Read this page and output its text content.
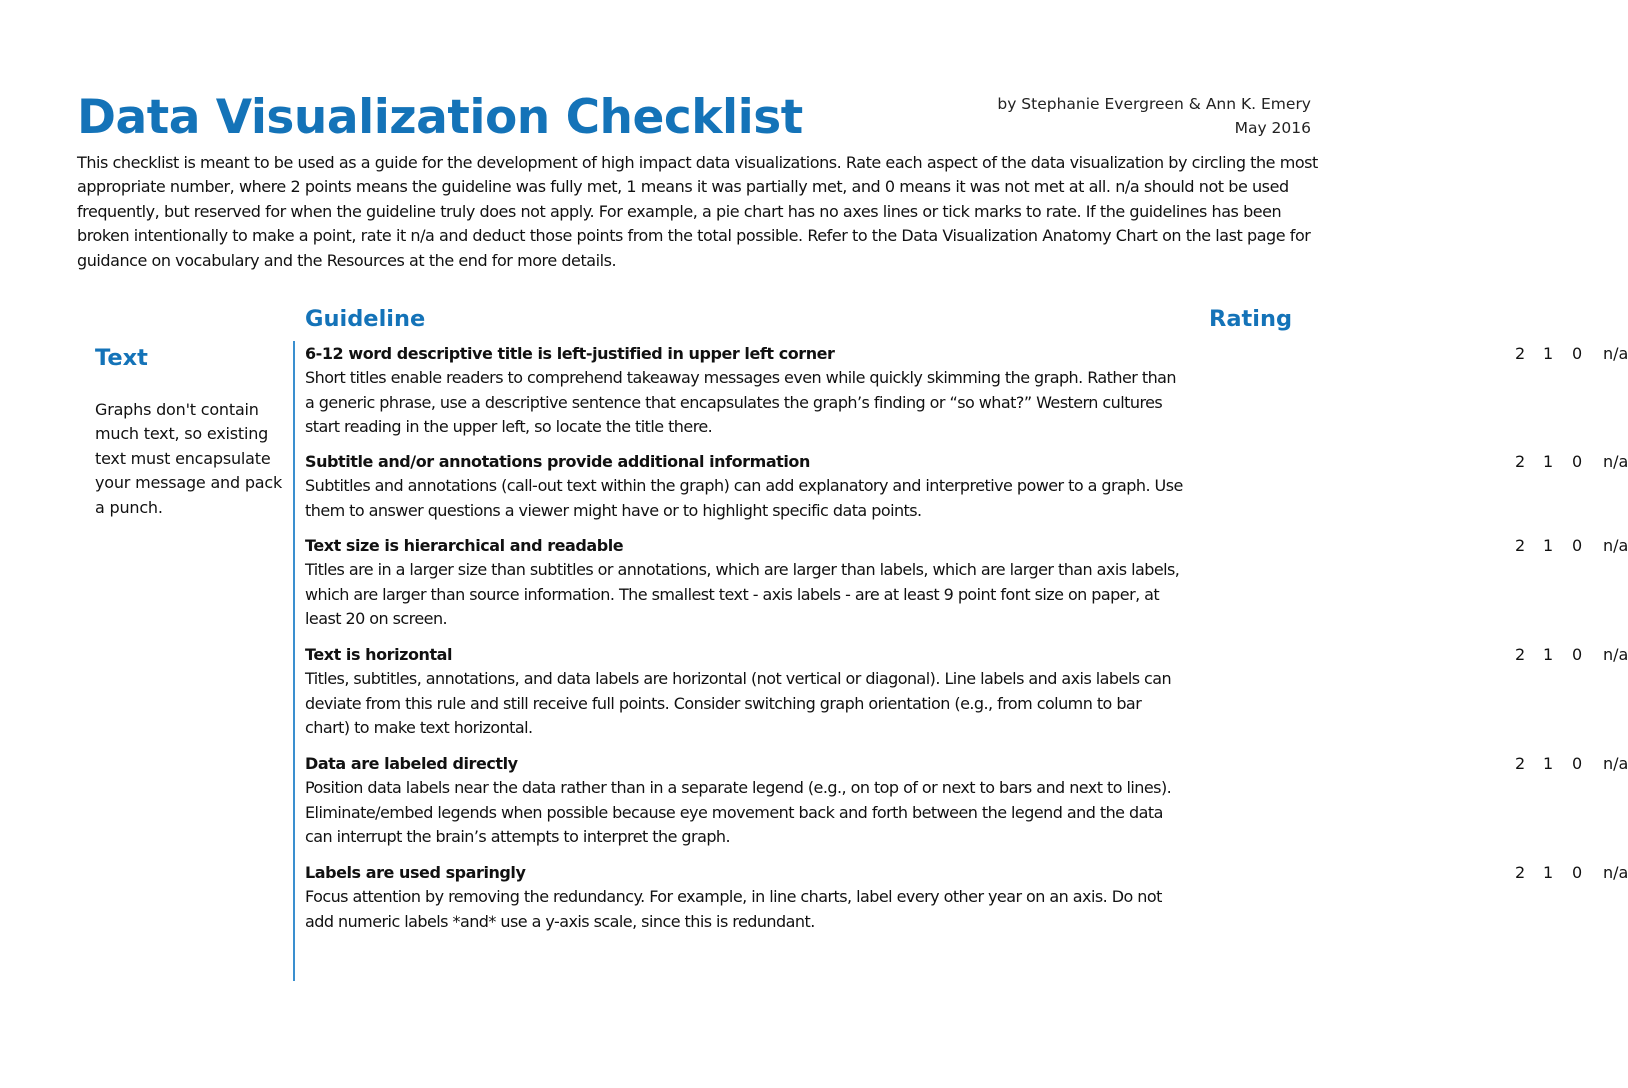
Data Visualization Checklist	by Stephanie Evergreen & Ann K. Emery
May 2016

This checklist is meant to be used as a guide for the development of high impact data visualizations. Rate each aspect of the data visualization by circling the most appropriate number, where 2 points means the guideline was fully met, 1 means it was partially met, and 0 means it was not met at all. n/a should not be used frequently, but reserved for when the guideline truly does not apply. For example, a pie chart has no axes lines or tick marks to rate. If the guidelines has been broken intentionally to make a point, rate it n/a and deduct those points from the total possible. Refer to the Data Visualization Anatomy Chart on the last page for guidance on vocabulary and the Resources at the end for more details.

Guideline	Rating
Text

Graphs don't contain much text, so existing text must encapsulate your message and pack a punch.

6-12 word descriptive title is left-justified in upper left corner

Short titles enable readers to comprehend takeaway messages even while quickly skimming the graph. Rather than a generic phrase, use a descriptive sentence that encapsulates the graph’s finding or “so what?” Western cultures start reading in the upper left, so locate the title there.

2 1 0 n/a
Subtitle and/or annotations provide additional information

Subtitles and annotations (call-out text within the graph) can add explanatory and interpretive power to a graph. Use them to answer questions a viewer might have or to highlight specific data points.

2 1 0 n/a
Text size is hierarchical and readable

Titles are in a larger size than subtitles or annotations, which are larger than labels, which are larger than axis labels, which are larger than source information. The smallest text - axis labels - are at least 9 point font size on paper, at least 20 on screen.

2 1 0 n/a
Text is horizontal

Titles, subtitles, annotations, and data labels are horizontal (not vertical or diagonal). Line labels and axis labels can deviate from this rule and still receive full points. Consider switching graph orientation (e.g., from column to bar chart) to make text horizontal.

2 1 0 n/a
Data are labeled directly

Position data labels near the data rather than in a separate legend (e.g., on top of or next to bars and next to lines). Eliminate/embed legends when possible because eye movement back and forth between the legend and the data can interrupt the brain’s attempts to interpret the graph.

2 1 0 n/a
Labels are used sparingly

Focus attention by removing the redundancy. For example, in line charts, label every other year on an axis. Do not add numeric labels *and* use a y-axis scale, since this is redundant.

2 1 0 n/a
